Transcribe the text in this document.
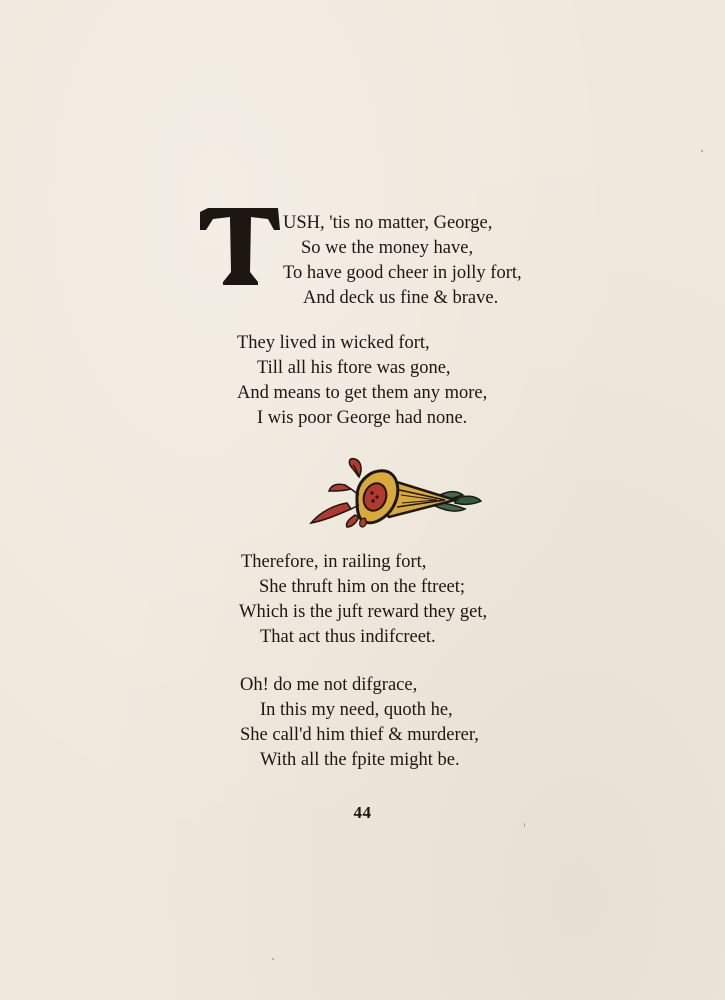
USH, 'tis no matter, George,
So we the money have,
To have good cheer in jolly fort,
And deck us fine & brave.
They lived in wicked fort,
Till all his ftore was gone,
And means to get them any more,
I wis poor George had none.
Therefore, in railing fort,
She thruft him on the ftreet;
Which is the juft reward they get,
That act thus indifcreet.
Oh! do me not difgrace,
In this my need, quoth he,
She call'd him thief & murderer,
With all the fpite might be.
44
